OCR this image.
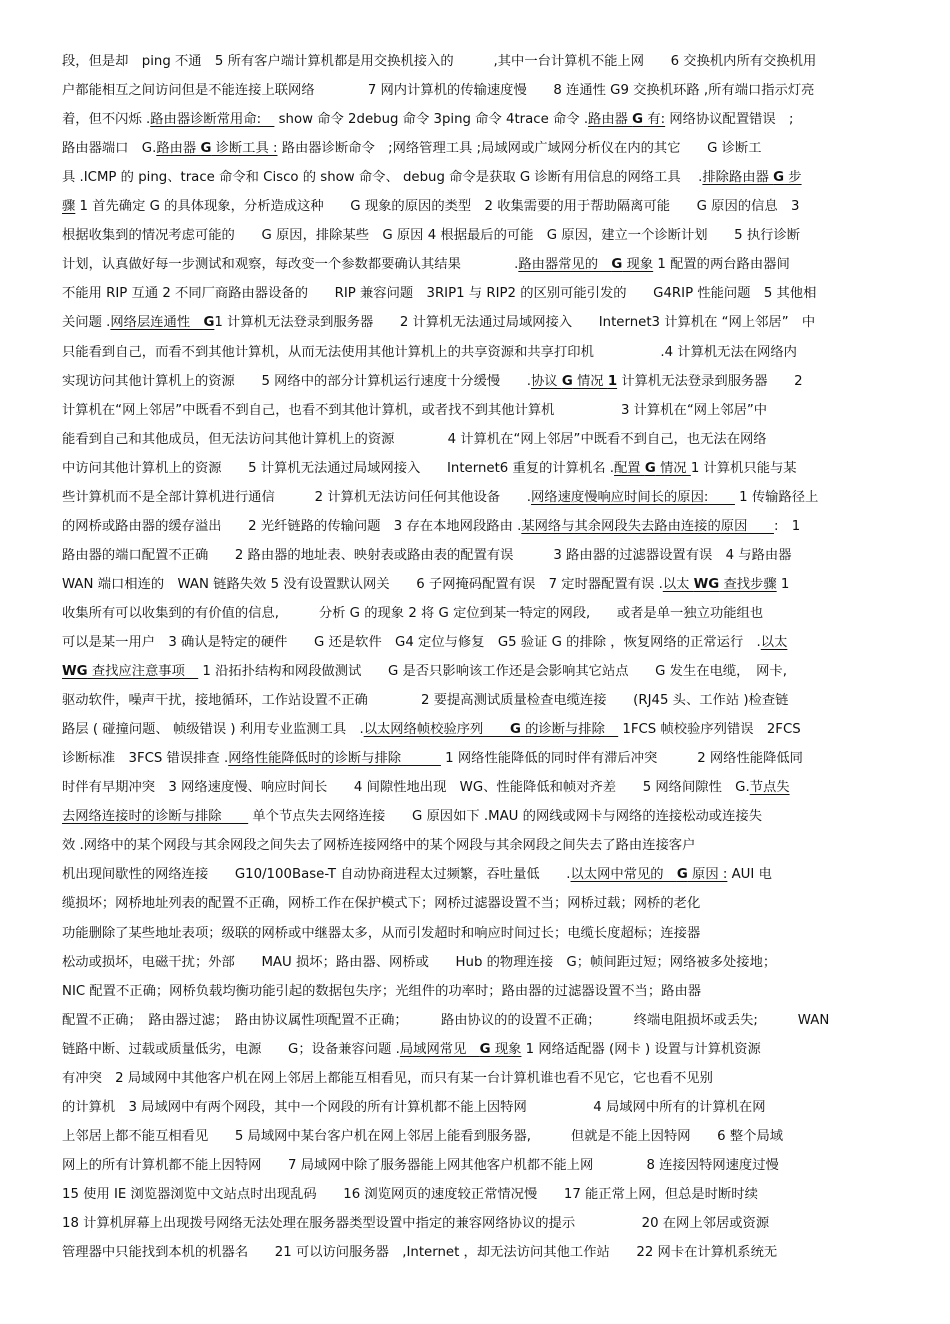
段，但是却　ping 不通　5 所有客户端计算机都是用交换机接入的　　　,其中一台计算机不能上网　　6 交换机内所有交换机用
户都能相互之间访问但是不能连接上联网络　　　　7 网内计算机的传输速度慢　　8 连通性 G9 交换机环路 ,所有端口指示灯亮
着，但不闪烁 .路由器诊断常用命:　 show 命令 2debug 命令 3ping 命令 4trace 命令 .路由器 G 有: 网络协议配置错误　;
路由器端口　G.路由器 G 诊断工具 : 路由器诊断命令　;网络管理工具 ;局域网或广域网分析仪在内的其它　　G 诊断工
具 .ICMP 的 ping、trace 命令和 Cisco 的 show 命令、 debug 命令是获取 G 诊断有用信息的网络工具　 .排除路由器 G 步
骤 1 首先确定 G 的具体现象，分析造成这种　　G 现象的原因的类型　2 收集需要的用于帮助隔离可能　　G 原因的信息　3
根据收集到的情况考虑可能的　　G 原因，排除某些　G 原因 4 根据最后的可能　G 原因，建立一个诊断计划　　5 执行诊断
计划，认真做好每一步测试和观察，每改变一个参数都要确认其结果　　　　.路由器常见的　G 现象 1 配置的两台路由器间
不能用 RIP 互通 2 不同厂商路由器设备的　　RIP 兼容问题　3RIP1 与 RIP2 的区别可能引发的　　G4RIP 性能问题　5 其他相
关问题 .网络层连通性　G1 计算机无法登录到服务器　　2 计算机无法通过局域网接入　　Internet3 计算机在 “网上邻居”　中
只能看到自己，而看不到其他计算机，从而无法使用其他计算机上的共享资源和共享打印机　　　　　.4 计算机无法在网络内
实现访问其他计算机上的资源　　5 网络中的部分计算机运行速度十分缓慢　　.协议 G 情况 1 计算机无法登录到服务器　　2
计算机在“网上邻居”中既看不到自己，也看不到其他计算机，或者找不到其他计算机　　　　　3 计算机在“网上邻居”中
能看到自己和其他成员，但无法访问其他计算机上的资源　　　　4 计算机在“网上邻居”中既看不到自己，也无法在网络
中访问其他计算机上的资源　　5 计算机无法通过局域网接入　　Internet6 重复的计算机名 .配置 G 情况 1 计算机只能与某
些计算机而不是全部计算机进行通信　　　2 计算机无法访问任何其他设备　　.网络速度慢响应时间长的原因:　　 1 传输路径上
的网桥或路由器的缓存溢出　　2 光纤链路的传输问题　3 存在本地网段路由 .某网络与其余网段失去路由连接的原因　　:　1
路由器的端口配置不正确　　2 路由器的地址表、映射表或路由表的配置有误　　　3 路由器的过滤器设置有误　4 与路由器
WAN 端口相连的　WAN 链路失效 5 没有设置默认网关　　6 子网掩码配置有误　7 定时器配置有误 .以太 WG 查找步骤 1
收集所有可以收集到的有价值的信息,　　　分析 G 的现象 2 将 G 定位到某一特定的网段,　　或者是单一独立功能组也
可以是某一用户　3 确认是特定的硬件　　G 还是软件　G4 定位与修复　G5 验证 G 的排除 ，恢复网络的正常运行　.以太
WG 查找应注意事项　 1 沿拓扑结构和网段做测试　　G 是否只影响该工作还是会影响其它站点　　G 发生在电缆，　网卡,
驱动软件，噪声干扰，接地循环，工作站设置不正确　　　　2 要提高测试质量检查电缆连接　　(RJ45 头、工作站 )检查链
路层 ( 碰撞问题、 帧级错误 ) 利用专业监测工具　.以太网络帧校验序列　　G 的诊断与排除　 1FCS 帧校验序列错误　2FCS
诊断标准　3FCS 错误排查 .网络性能降低时的诊断与排除　　　 1 网络性能降低的同时伴有滞后冲突　　　2 网络性能降低同
时伴有早期冲突　3 网络速度慢、响应时间长　　4 间隙性地出现　WG、性能降低和帧对齐差　　5 网络间隙性　G.节点失
去网络连接时的诊断与排除　　 单个节点失去网络连接　　G 原因如下 .MAU 的网线或网卡与网络的连接松动或连接失
效 .网络中的某个网段与其余网段之间失去了网桥连接网络中的某个网段与其余网段之间失去了路由连接客户
机出现间歇性的网络连接　　G10/100Base-T 自动协商进程太过频繁，吞吐量低　　.以太网中常见的　G 原因 : AUI 电
缆损坏；网桥地址列表的配置不正确，网桥工作在保护模式下；网桥过滤器设置不当；网桥过载；网桥的老化
功能删除了某些地址表项；级联的网桥或中继器太多，从而引发超时和响应时间过长；电缆长度超标；连接器
松动或损坏，电磁干扰；外部　　MAU 损坏；路由器、网桥或　　Hub 的物理连接　G；帧间距过短；网络被多处接地；
NIC 配置不正确；网桥负载均衡功能引起的数据包失序；光组件的功率时；路由器的过滤器设置不当；路由器
配置不正确；　路由器过滤；　路由协议属性项配置不正确；　　　路由协议的的设置不正确；　　　终端电阻损坏或丢失;　　　WAN
链路中断、过载或质量低劣，电源　　G；设备兼容问题 .局域网常见　G 现象 1 网络适配器 (网卡 ) 设置与计算机资源
有冲突　2 局域网中其他客户机在网上邻居上都能互相看见，而只有某一台计算机谁也看不见它，它也看不见别
的计算机　3 局域网中有两个网段，其中一个网段的所有计算机都不能上因特网　　　　　4 局域网中所有的计算机在网
上邻居上都不能互相看见　　5 局域网中某台客户机在网上邻居上能看到服务器,　　　但就是不能上因特网　　6 整个局域
网上的所有计算机都不能上因特网　　7 局域网中除了服务器能上网其他客户机都不能上网　　　　8 连接因特网速度过慢
15 使用 IE 浏览器浏览中文站点时出现乱码　　16 浏览网页的速度较正常情况慢　　17 能正常上网，但总是时断时续
18 计算机屏幕上出现拨号网络无法处理在服务器类型设置中指定的兼容网络协议的提示　　　　　20 在网上邻居或资源
管理器中只能找到本机的机器名　　21 可以访问服务器　,Internet ，却无法访问其他工作站　　22 网卡在计算机系统无
